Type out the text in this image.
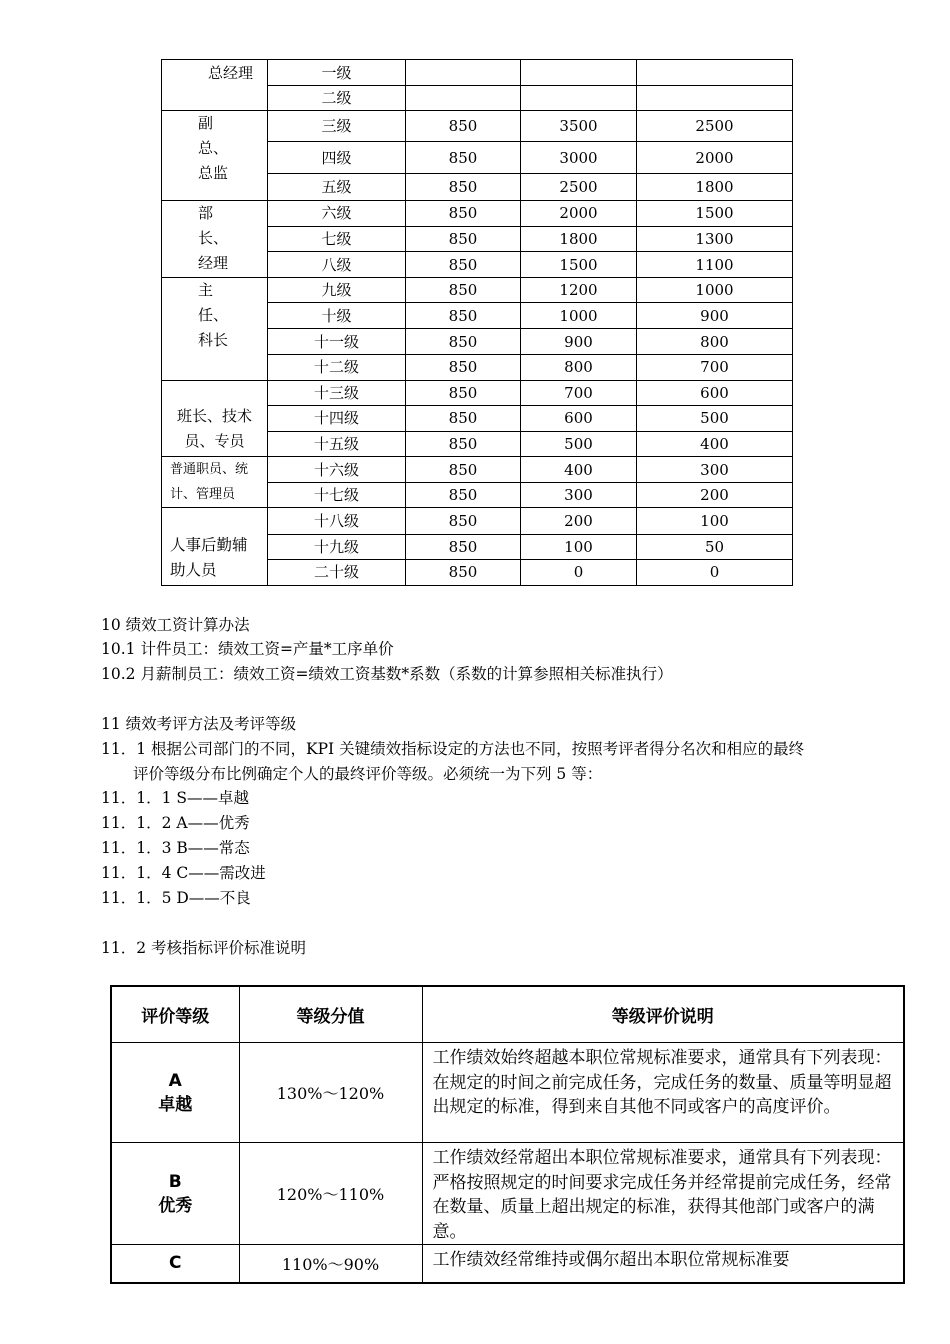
总经理	一级			
	二级			
副总、总监	三级	850	3500	2500
	四级	850	3000	2000
	五级	850	2500	1800
部长、经理	六级	850	2000	1500
	七级	850	1800	1300
	八级	850	1500	1100
主任、科长	九级	850	1200	1000
	十级	850	1000	900
	十一级	850	900	800
	十二级	850	800	700
班长、技术员、专员	十三级	850	700	600
	十四级	850	600	500
	十五级	850	500	400
普通职员、统计、管理员	十六级	850	400	300
	十七级	850	300	200
人事后勤辅助人员	十八级	850	200	100
	十九级	850	100	50
	二十级	850	0	0
10 绩效工资计算办法
10.1 计件员工：绩效工资=产量*工序单价
10.2 月薪制员工：绩效工资=绩效工资基数*系数（系数的计算参照相关标准执行）
11 绩效考评方法及考评等级
11．1 根据公司部门的不同，KPI 关键绩效指标设定的方法也不同，按照考评者得分名次和相应的最终
评价等级分布比例确定个人的最终评价等级。必须统一为下列 5 等：
11．1．1 S——卓越
11．1．2 A——优秀
11．1．3 B——常态
11．1．4 C——需改进
11．1．5 D——不良
11．2 考核指标评价标准说明
评价等级	等级分值	等级评价说明

A
卓越	130%～120%	工作绩效始终超越本职位常规标准要求，通常具有下列表现：在规定的时间之前完成任务，完成任务的数量、质量等明显超出规定的标准，得到来自其他不同或客户的高度评价。

B
优秀	120%～110%	工作绩效经常超出本职位常规标准要求，通常具有下列表现：严格按照规定的时间要求完成任务并经常提前完成任务，经常在数量、质量上超出规定的标准，获得其他部门或客户的满意。

C	110%～90%	工作绩效经常维持或偶尔超出本职位常规标准要
